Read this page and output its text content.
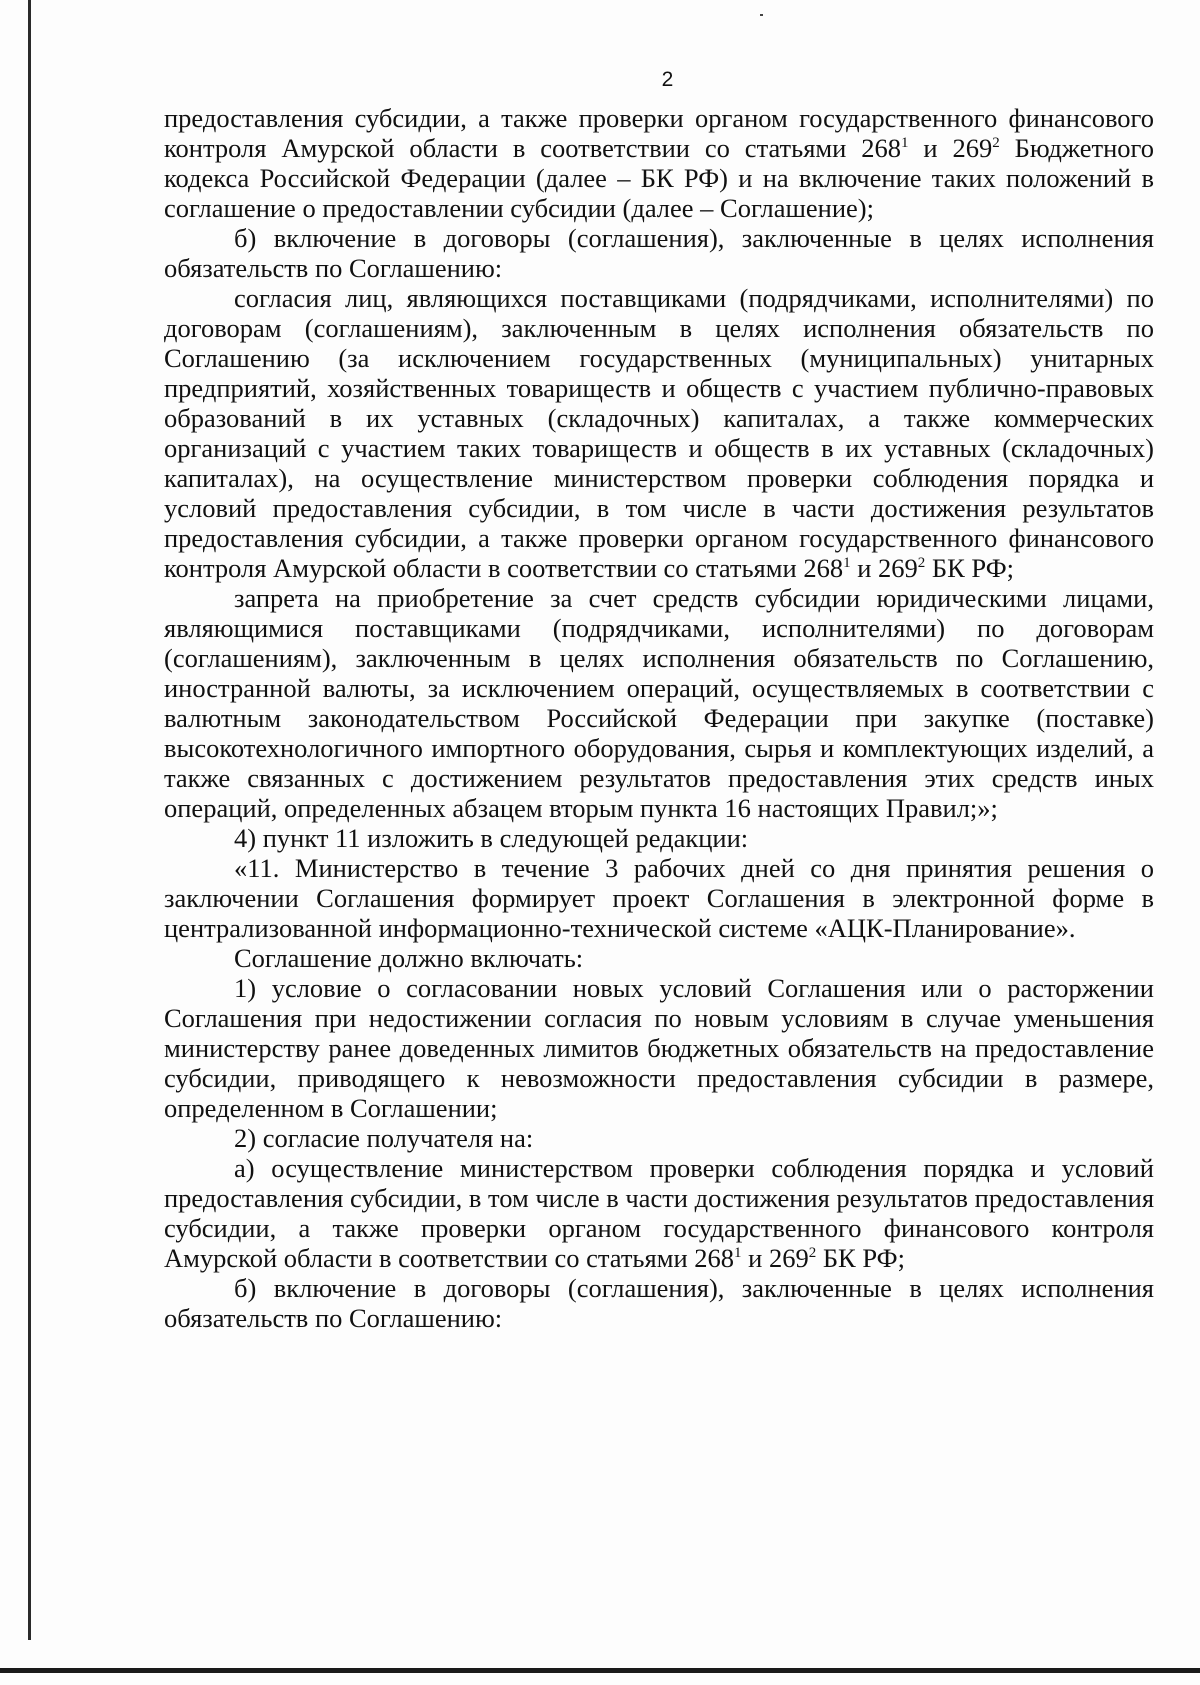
2

предоставления субсидии, а также проверки органом государственного финансового контроля Амурской области в соответствии со статьями $268^1$ и $269^2$ Бюджетного кодекса Российской Федерации (далее – БК РФ) и на включение таких положений в соглашение о предоставлении субсидии (далее – Соглашение);

б) включение в договоры (соглашения), заключенные в целях исполнения обязательств по Соглашению:

согласия лиц, являющихся поставщиками (подрядчиками, исполнителями) по договорам (соглашениям), заключенным в целях исполнения обязательств по Соглашению (за исключением государственных (муниципальных) унитарных предприятий, хозяйственных товариществ и обществ с участием публично-правовых образований в их уставных (складочных) капиталах, а также коммерческих организаций с участием таких товариществ и обществ в их уставных (складочных) капиталах), на осуществление министерством проверки соблюдения порядка и условий предоставления субсидии, в том числе в части достижения результатов предоставления субсидии, а также проверки органом государственного финансового контроля Амурской области в соответствии со статьями $268^1$ и $269^2$ БК РФ;

запрета на приобретение за счет средств субсидии юридическими лицами, являющимися поставщиками (подрядчиками, исполнителями) по договорам (соглашениям), заключенным в целях исполнения обязательств по Соглашению, иностранной валюты, за исключением операций, осуществляемых в соответствии с валютным законодательством Российской Федерации при закупке (поставке) высокотехнологичного импортного оборудования, сырья и комплектующих изделий, а также связанных с достижением результатов предоставления этих средств иных операций, определенных абзацем вторым пункта 16 настоящих Правил;»;

4) пункт 11 изложить в следующей редакции:

«11. Министерство в течение 3 рабочих дней со дня принятия решения о заключении Соглашения формирует проект Соглашения в электронной форме в централизованной информационно-технической системе «АЦК-Планирование».

Соглашение должно включать:

1) условие о согласовании новых условий Соглашения или о расторжении Соглашения при недостижении согласия по новым условиям в случае уменьшения министерству ранее доведенных лимитов бюджетных обязательств на предоставление субсидии, приводящего к невозможности предоставления субсидии в размере, определенном в Соглашении;

2) согласие получателя на:

а) осуществление министерством проверки соблюдения порядка и условий предоставления субсидии, в том числе в части достижения результатов предоставления субсидии, а также проверки органом государственного финансового контроля Амурской области в соответствии со статьями $268^1$ и $269^2$ БК РФ;

б) включение в договоры (соглашения), заключенные в целях исполнения обязательств по Соглашению:
